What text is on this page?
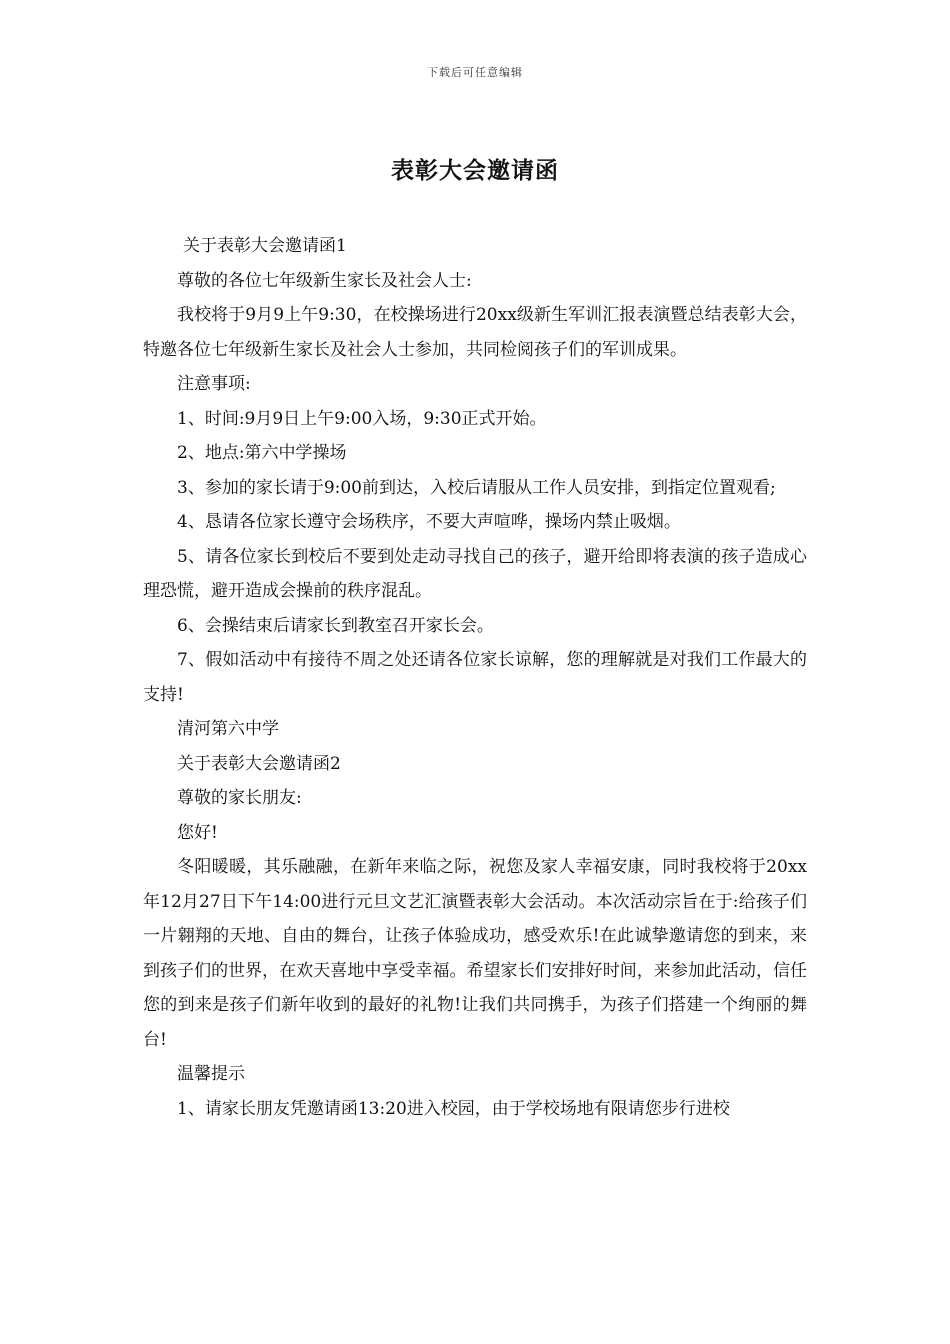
下载后可任意编辑
表彰大会邀请函

关于表彰大会邀请函1

尊敬的各位七年级新生家长及社会人士:

我校将于9月9上午9:30，在校操场进行20xx级新生军训汇报表演暨总结表彰大会，特邀各位七年级新生家长及社会人士参加，共同检阅孩子们的军训成果。

注意事项:

1、时间:9月9日上午9:00入场，9:30正式开始。

2、地点:第六中学操场

3、参加的家长请于9:00前到达，入校后请服从工作人员安排，到指定位置观看;

4、恳请各位家长遵守会场秩序，不要大声喧哗，操场内禁止吸烟。

5、请各位家长到校后不要到处走动寻找自己的孩子，避开给即将表演的孩子造成心理恐慌，避开造成会操前的秩序混乱。

6、会操结束后请家长到教室召开家长会。

7、假如活动中有接待不周之处还请各位家长谅解，您的理解就是对我们工作最大的支持!

清河第六中学

关于表彰大会邀请函2

尊敬的家长朋友:

您好!

冬阳暖暖，其乐融融，在新年来临之际，祝您及家人幸福安康，同时我校将于20xx年12月27日下午14:00进行元旦文艺汇演暨表彰大会活动。本次活动宗旨在于:给孩子们一片翱翔的天地、自由的舞台，让孩子体验成功，感受欢乐!在此诚挚邀请您的到来，来到孩子们的世界，在欢天喜地中享受幸福。希望家长们安排好时间，来参加此活动，信任您的到来是孩子们新年收到的最好的礼物!让我们共同携手，为孩子们搭建一个绚丽的舞台!

温馨提示

1、请家长朋友凭邀请函13:20进入校园，由于学校场地有限请您步行进校
